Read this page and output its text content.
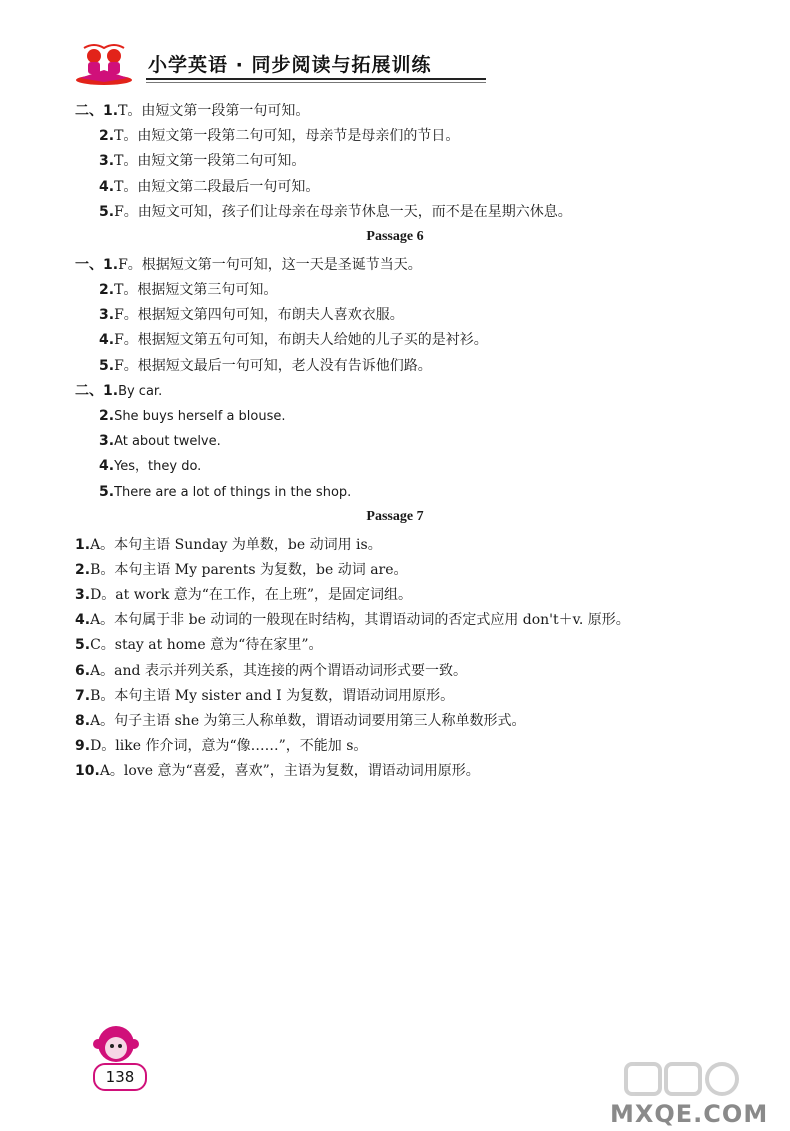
小学英语 · 同步阅读与拓展训练
二、1.T。由短文第一段第一句可知。
2.T。由短文第一段第二句可知，母亲节是母亲们的节日。
3.T。由短文第一段第二句可知。
4.T。由短文第二段最后一句可知。
5.F。由短文可知，孩子们让母亲在母亲节休息一天，而不是在星期六休息。
Passage 6
一、1.F。根据短文第一句可知，这一天是圣诞节当天。
2.T。根据短文第三句可知。
3.F。根据短文第四句可知，布朗夫人喜欢衣服。
4.F。根据短文第五句可知，布朗夫人给她的儿子买的是衬衫。
5.F。根据短文最后一句可知，老人没有告诉他们路。
二、1.By car.
2.She buys herself a blouse.
3.At about twelve.
4.Yes，they do.
5.There are a lot of things in the shop.
Passage 7
1.A。本句主语 Sunday 为单数，be 动词用 is。
2.B。本句主语 My parents 为复数，be 动词 are。
3.D。at work 意为“在工作，在上班”，是固定词组。
4.A。本句属于非 be 动词的一般现在时结构，其谓语动词的否定式应用 don't＋v. 原形。
5.C。stay at home 意为“待在家里”。
6.A。and 表示并列关系，其连接的两个谓语动词形式要一致。
7.B。本句主语 My sister and I 为复数，谓语动词用原形。
8.A。句子主语 she 为第三人称单数，谓语动词要用第三人称单数形式。
9.D。like 作介词，意为“像……”，不能加 s。
10.A。love 意为“喜爱，喜欢”，主语为复数，谓语动词用原形。
138
MXQE.COM
